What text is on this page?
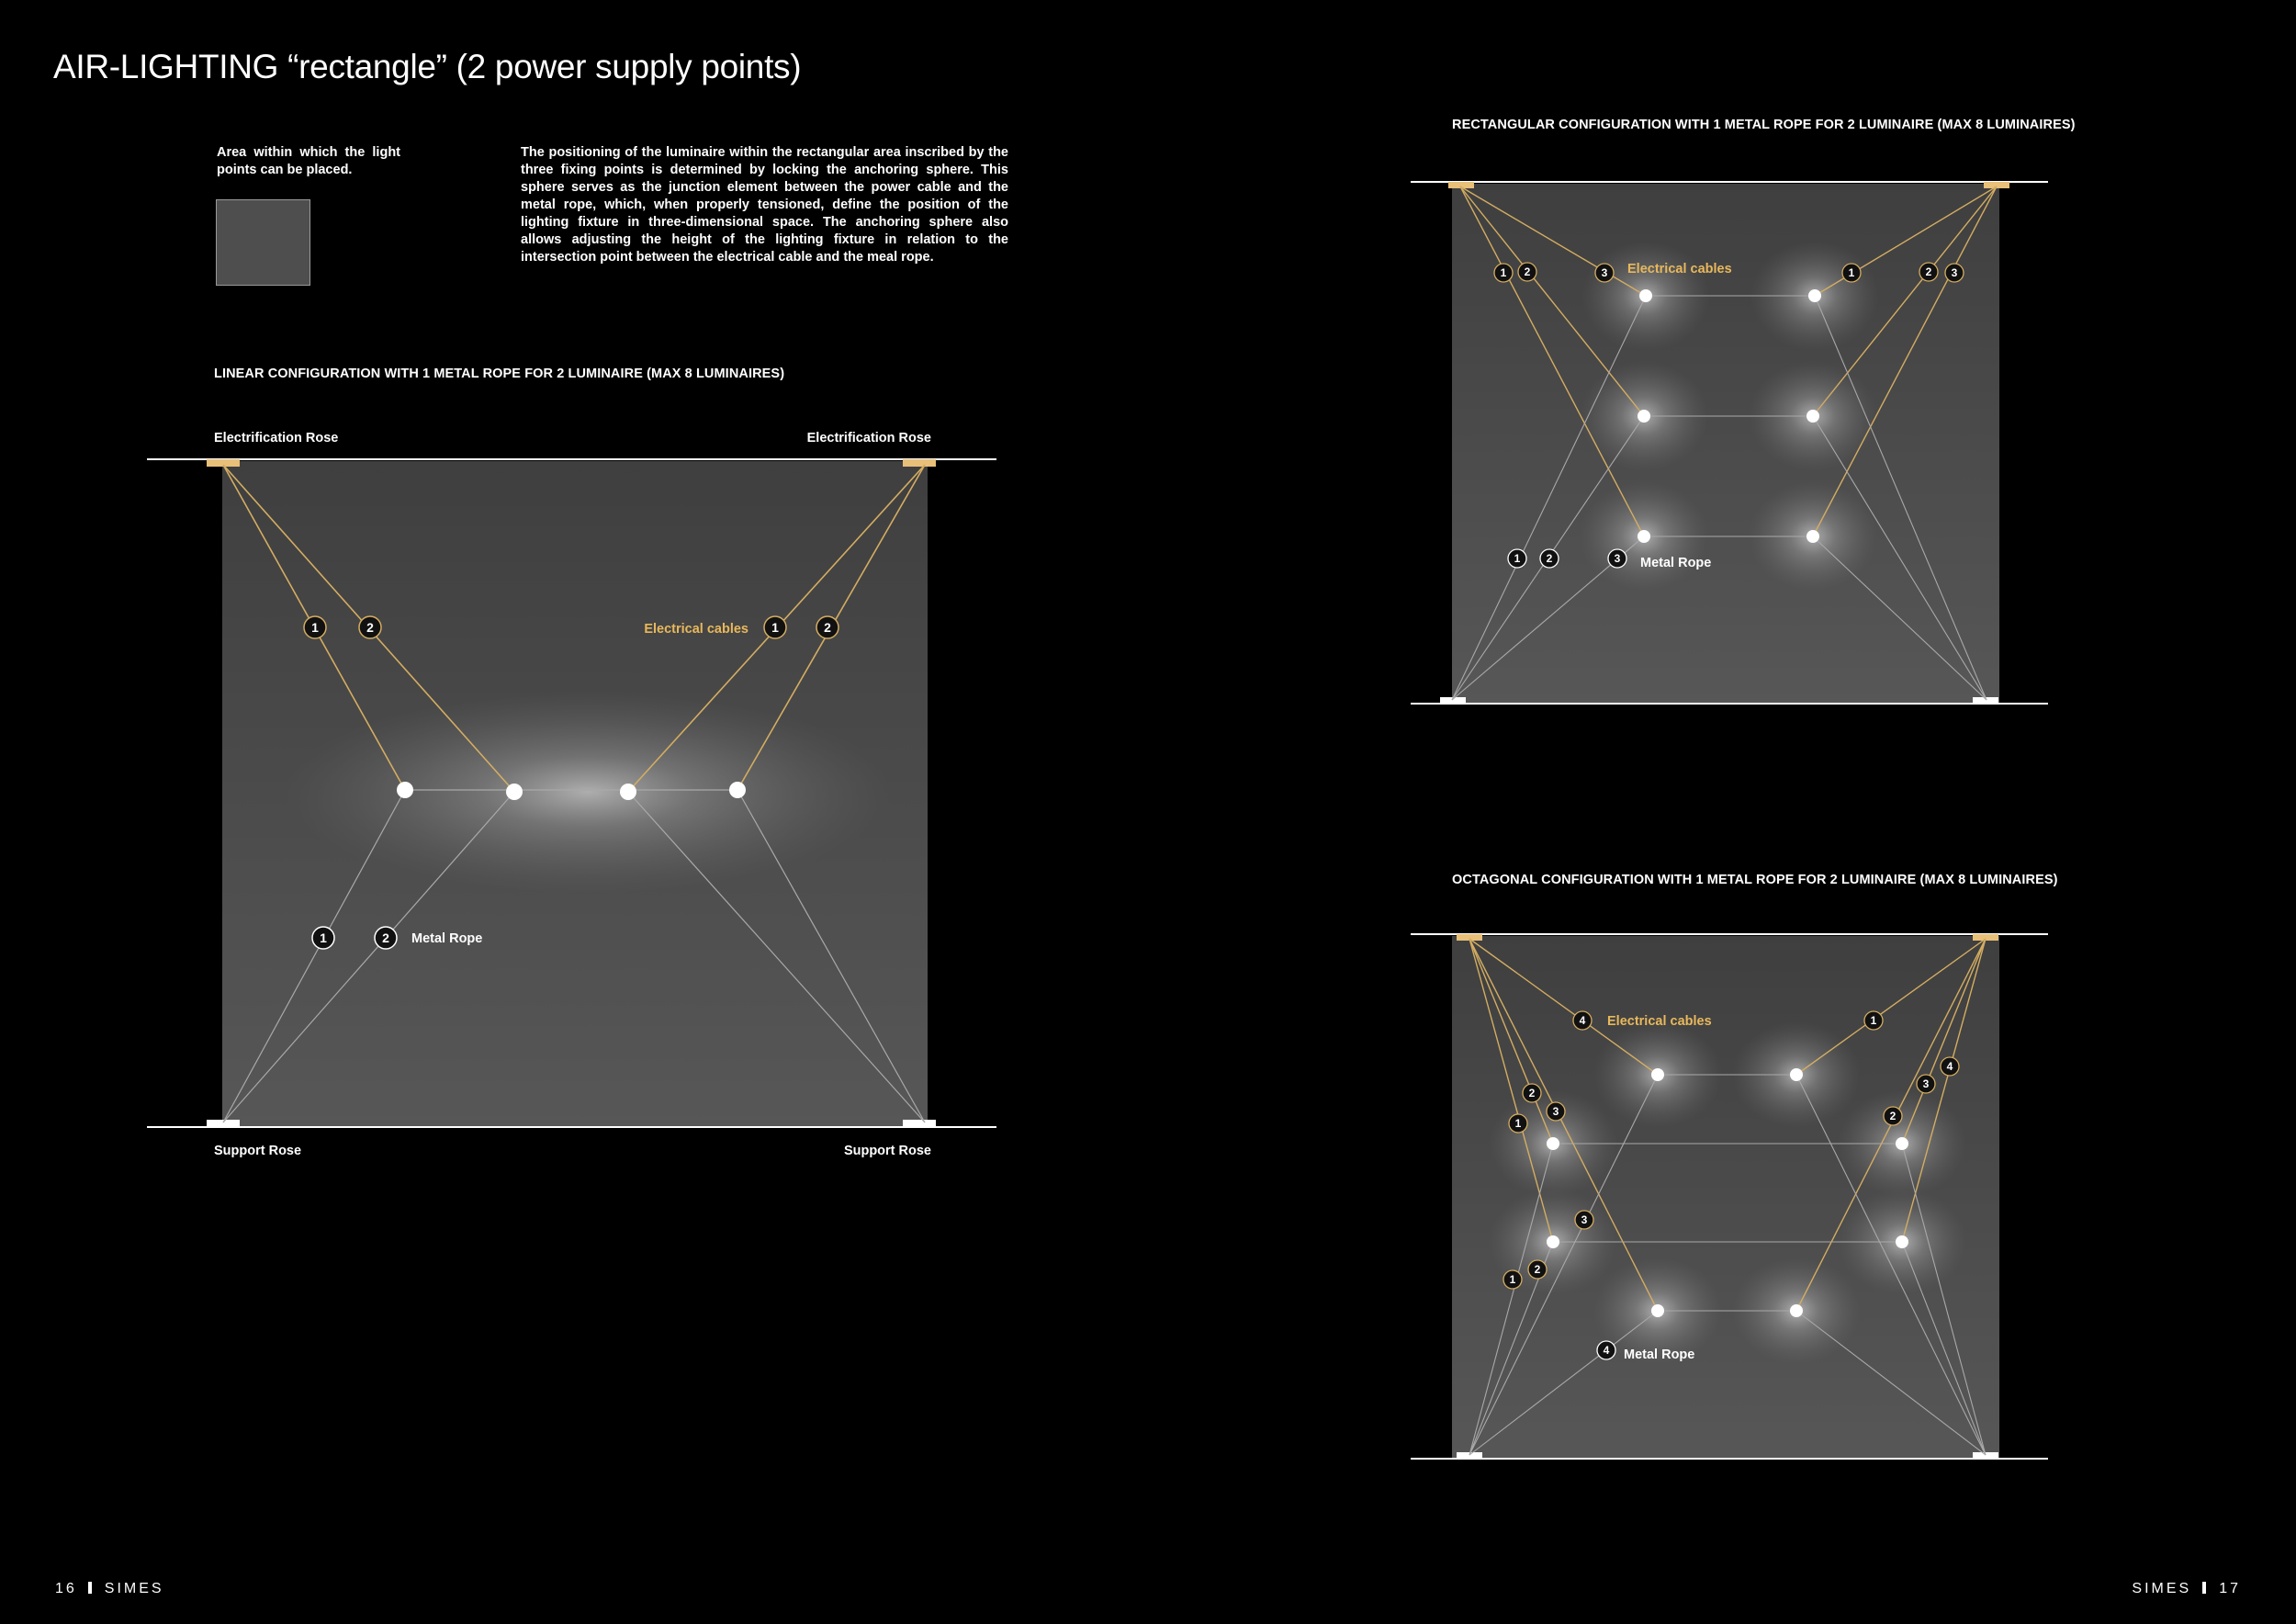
AIR-LIGHTING “rectangle” (2 power supply points)
Area within which the light points can be placed.
The positioning of the luminaire within the rectangular area inscribed by the three fixing points is determined by locking the anchoring sphere. This sphere serves as the junction element between the power cable and the metal rope, which, when properly tensioned, define the position of the lighting fixture in three-dimensional space. The anchoring sphere also allows adjusting the height of the lighting fixture in relation to the intersection point between the electrical cable and the meal rope.
LINEAR CONFIGURATION WITH 1 METAL ROPE FOR 2 LUMINAIRE (MAX 8 LUMINAIRES)
RECTANGULAR CONFIGURATION WITH 1 METAL ROPE FOR 2 LUMINAIRE (MAX 8 LUMINAIRES)
OCTAGONAL CONFIGURATION WITH 1 METAL ROPE FOR 2 LUMINAIRE (MAX 8 LUMINAIRES)
1	2	1	2
1	2
Electrification Rose	Electrification Rose
Support Rose	Support Rose
Electrical cables
Metal Rope
1 2	3	1	2 3
1 2	3
Electrical cables
Metal Rope
4
2
3
1
3
2
1
1
4
3
2
4
Electrical cables
Metal Rope
16 SIMES	SIMES 17
